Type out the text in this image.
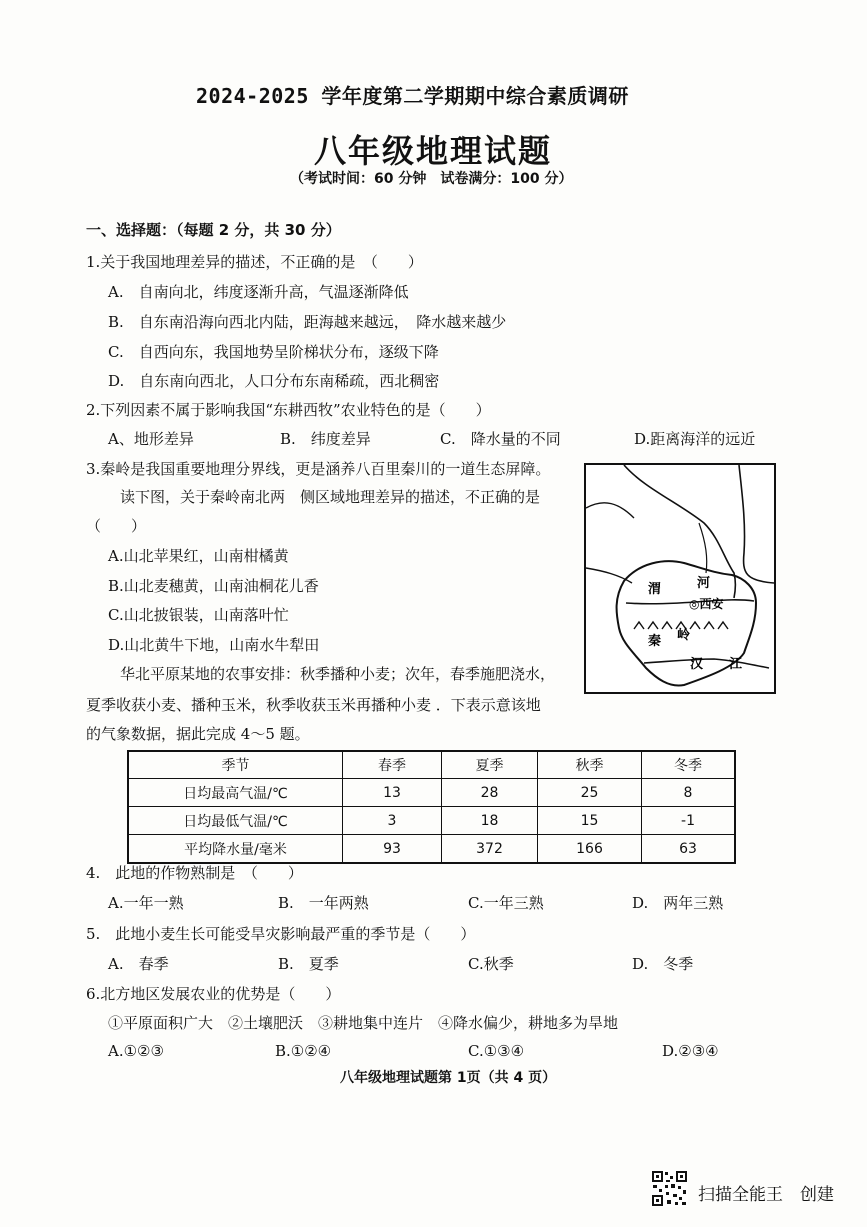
2024-2025 学年度第二学期期中综合素质调研
八年级地理试题
（考试时间：60 分钟　试卷满分：100 分）
一、选择题：（每题 2 分，共 30 分）
1.关于我国地理差异的描述，不正确的是　（　　）
A.　自南向北，纬度逐渐升高，气温逐渐降低
B.　自东南沿海向西北内陆，距海越来越远，　降水越来越少
C.　自西向东，我国地势呈阶梯状分布，逐级下降
D.　自东南向西北，人口分布东南稀疏，西北稠密
2.下列因素不属于影响我国“东耕西牧”农业特色的是（　　）
A、地形差异	B.　纬度差异	C.　降水量的不同	D.距离海洋的远近
3.秦岭是我国重要地理分界线，更是涵养八百里秦川的一道生态屏障。
读下图，关于秦岭南北两　侧区域地理差异的描述，不正确的是
（　　）
A.山北苹果红，山南柑橘黄
B.山北麦穗黄，山南油桐花儿香
C.山北披银装，山南落叶忙
D.山北黄牛下地，山南水牛犁田
渭	河
◎西安
秦 岭
汉 江
华北平原某地的农事安排：秋季播种小麦；次年，春季施肥浇水，
夏季收获小麦、播种玉米，秋季收获玉米再播种小麦 ．下表示意该地
的气象数据，据此完成 4～5 题。
季节	春季	夏季	秋季	冬季
日均最高气温/℃	13	28	25	8
日均最低气温/℃	3	18	15	-1
平均降水量/毫米	93	372	166	63
4.　此地的作物熟制是　（　　）
A.一年一熟	B.　一年两熟	C.一年三熟	D.　两年三熟
5.　此地小麦生长可能受旱灾影响最严重的季节是（　　）
A.　春季	B.　夏季	C.秋季	D.　冬季
6.北方地区发展农业的优势是（　　）
①平原面积广大　②土壤肥沃　③耕地集中连片　④降水偏少，耕地多为旱地
A.①②③	B.①②④	C.①③④	D.②③④
八年级地理试题第 1页（共 4 页）
扫描全能王　创建
